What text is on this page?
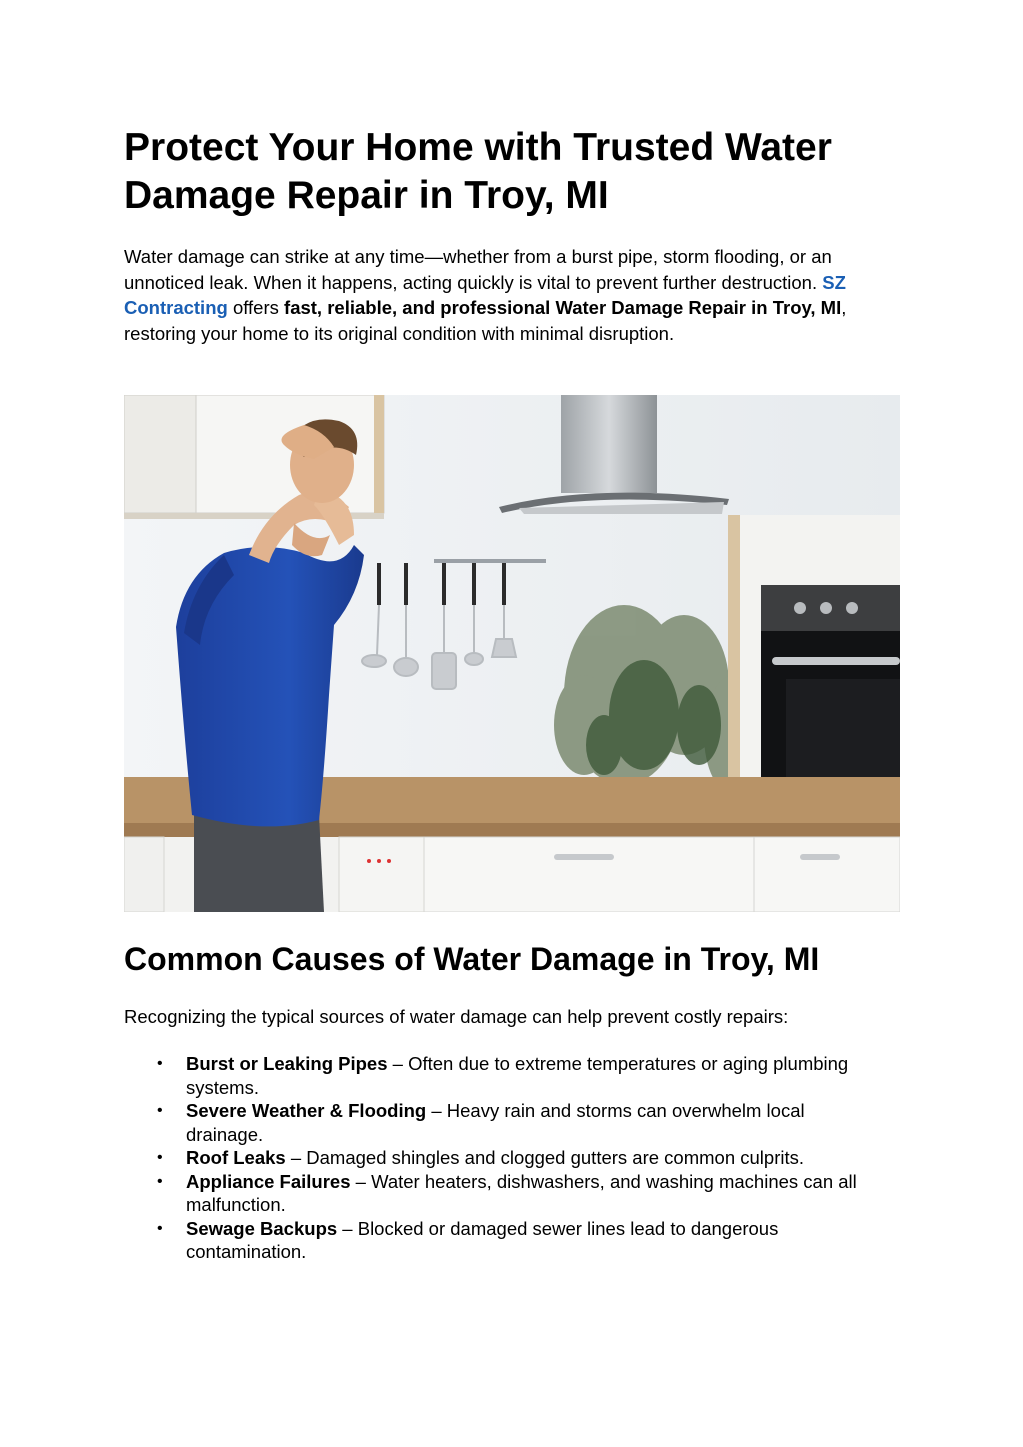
Protect Your Home with Trusted Water Damage Repair in Troy, MI

Water damage can strike at any time—whether from a burst pipe, storm flooding, or an unnoticed leak. When it happens, acting quickly is vital to prevent further destruction. SZ Contracting offers fast, reliable, and professional Water Damage Repair in Troy, MI, restoring your home to its original condition with minimal disruption.

Common Causes of Water Damage in Troy, MI

Recognizing the typical sources of water damage can help prevent costly repairs:

• Burst or Leaking Pipes – Often due to extreme temperatures or aging plumbing systems.
• Severe Weather & Flooding – Heavy rain and storms can overwhelm local drainage.
• Roof Leaks – Damaged shingles and clogged gutters are common culprits.
• Appliance Failures – Water heaters, dishwashers, and washing machines can all malfunction.
• Sewage Backups – Blocked or damaged sewer lines lead to dangerous contamination.
